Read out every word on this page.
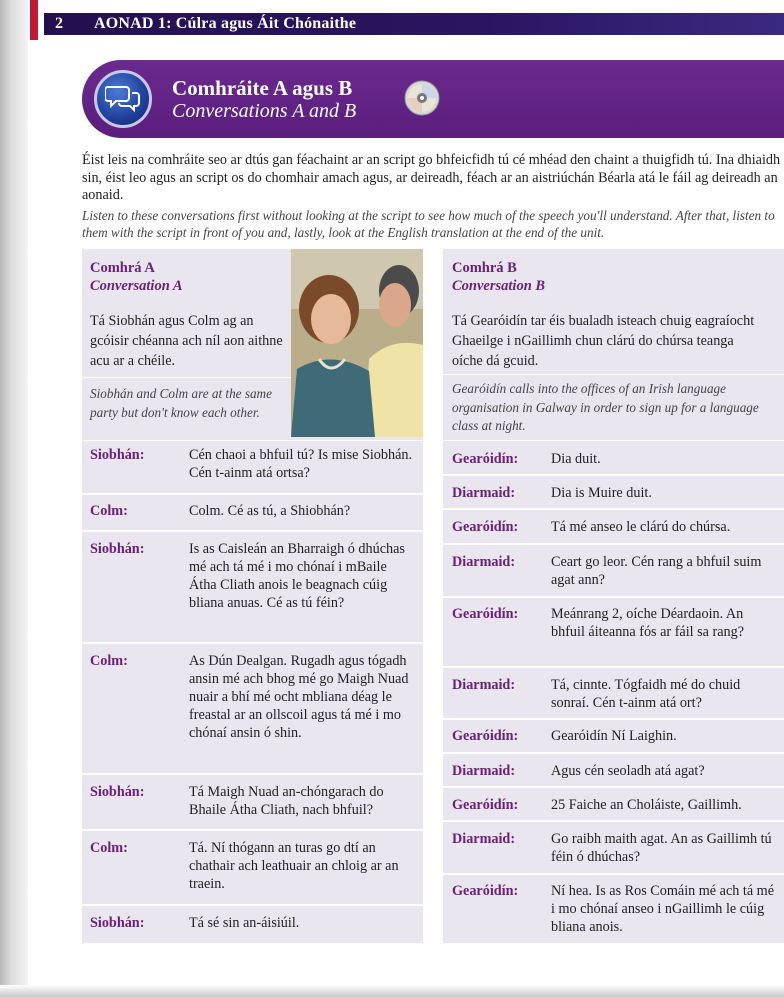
2	AONAD 1: Cúlra agus Áit Chónaithe
Comhráite A agus B
Conversations A and B

Éist leis na comhráite seo ar dtús gan féachaint ar an script go bhfeicfidh tú cé mhéad den chaint a thuigfidh tú. Ina dhiaidh sin, éist leo agus an script os do chomhair amach agus, ar deireadh, féach ar an aistriúchán Béarla atá le fáil ag deireadh an aonaid.

Listen to these conversations first without looking at the script to see how much of the speech you'll understand. After that, listen to them with the script in front of you and, lastly, look at the English translation at the end of the unit.

Comhrá A
Conversation A
Tá Siobhán agus Colm ag an gcóisir chéanna ach níl aon aithne acu ar a chéile.
Siobhán and Colm are at the same party but don't know each other.
Siobhán:	Cén chaoi a bhfuil tú? Is mise Siobhán. Cén t-ainm atá ortsa?
Colm:	Colm. Cé as tú, a Shiobhán?
Siobhán:	Is as Caisleán an Bharraigh ó dhúchas mé ach tá mé i mo chónaí i mBaile Átha Cliath anois le beagnach cúig bliana anuas. Cé as tú féin?
Colm:	As Dún Dealgan. Rugadh agus tógadh ansin mé ach bhog mé go Maigh Nuad nuair a bhí mé ocht mbliana déag le freastal ar an ollscoil agus tá mé i mo chónaí ansin ó shin.
Siobhán:	Tá Maigh Nuad an-chóngarach do Bhaile Átha Cliath, nach bhfuil?
Colm:	Tá. Ní thógann an turas go dtí an chathair ach leathuair an chloig ar an traein.
Siobhán:	Tá sé sin an-áisiúil.
Comhrá B
Conversation B
Tá Gearóidín tar éis bualadh isteach chuig eagraíocht Ghaeilge i nGaillimh chun clárú do chúrsa teanga oíche dá gcuid.
Gearóidín calls into the offices of an Irish language organisation in Galway in order to sign up for a language class at night.
Gearóidín:	Dia duit.
Diarmaid:	Dia is Muire duit.
Gearóidín:	Tá mé anseo le clárú do chúrsa.
Diarmaid:	Ceart go leor. Cén rang a bhfuil suim agat ann?
Gearóidín:	Meánrang 2, oíche Déardaoin. An bhfuil áiteanna fós ar fáil sa rang?
Diarmaid:	Tá, cinnte. Tógfaidh mé do chuid sonraí. Cén t-ainm atá ort?
Gearóidín:	Gearóidín Ní Laighin.
Diarmaid:	Agus cén seoladh atá agat?
Gearóidín:	25 Faiche an Choláiste, Gaillimh.
Diarmaid:	Go raibh maith agat. An as Gaillimh tú féin ó dhúchas?
Gearóidín:	Ní hea. Is as Ros Comáin mé ach tá mé i mo chónaí anseo i nGaillimh le cúig bliana anois.
